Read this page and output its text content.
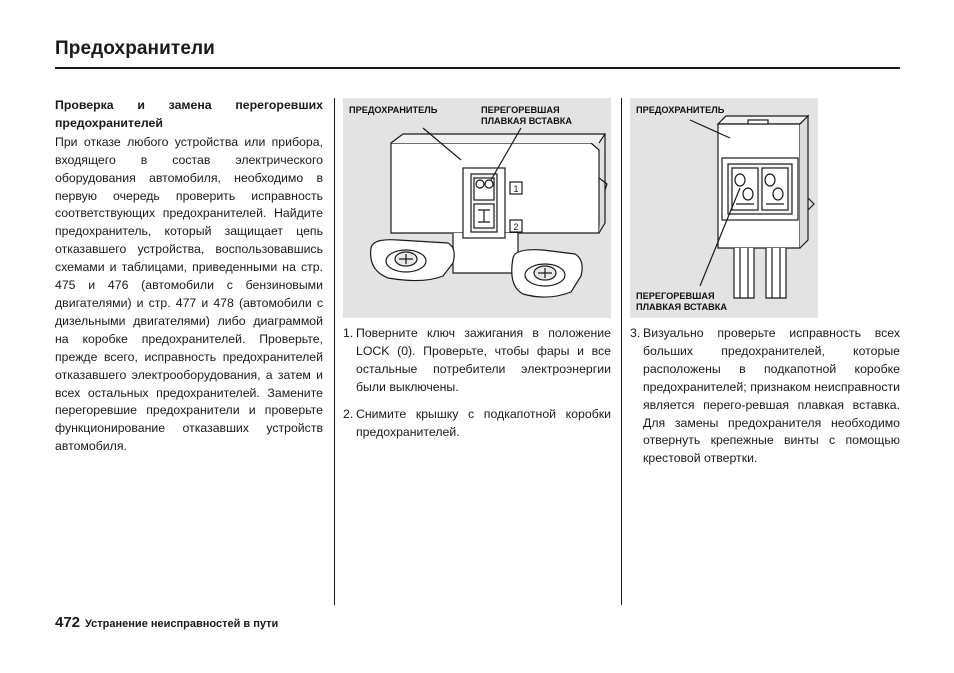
Предохранители
Проверка и замена перегоревших предохранителей
При отказе любого устройства или прибора, входящего в состав электрического оборудования автомобиля, необходимо в первую очередь проверить исправность соответствующих предохранителей. Найдите предохранитель, который защищает цепь отказавшего устройства, воспользовавшись схемами и таблицами, приведенными на стр. 475 и 476 (автомобили с бензиновыми двигателями) и стр. 477 и 478 (автомобили с дизельными двигателями) либо диаграммой на коробке предохранителей. Проверьте, прежде всего, исправность предохранителей отказавшего электрооборудования, а затем и всех остальных предохранителей. Замените перегоревшие предохранители и проверьте функционирование отказавших устройств автомобиля.
1
2
ПРЕДОХРАНИТЕЛЬ	ПЕРЕГОРЕВШАЯ
ПЛАВКАЯ ВСТАВКА
ПРЕДОХРАНИТЕЛЬ
ПЕРЕГОРЕВШАЯ
ПЛАВКАЯ ВСТАВКА
1. Поверните ключ зажигания в положение LOCK (0). Проверьте, чтобы фары и все остальные потребители электроэнергии были выключены.
2. Снимите крышку с подкапотной коробки предохранителей.
3. Визуально проверьте исправность всех больших предохранителей, которые расположены в подкапотной коробке предохранителей; признаком неисправности является перего-ревшая плавкая вставка. Для замены предохранителя необходимо отвернуть крепежные винты с помощью крестовой отвертки.
472 Устранение неисправностей в пути
